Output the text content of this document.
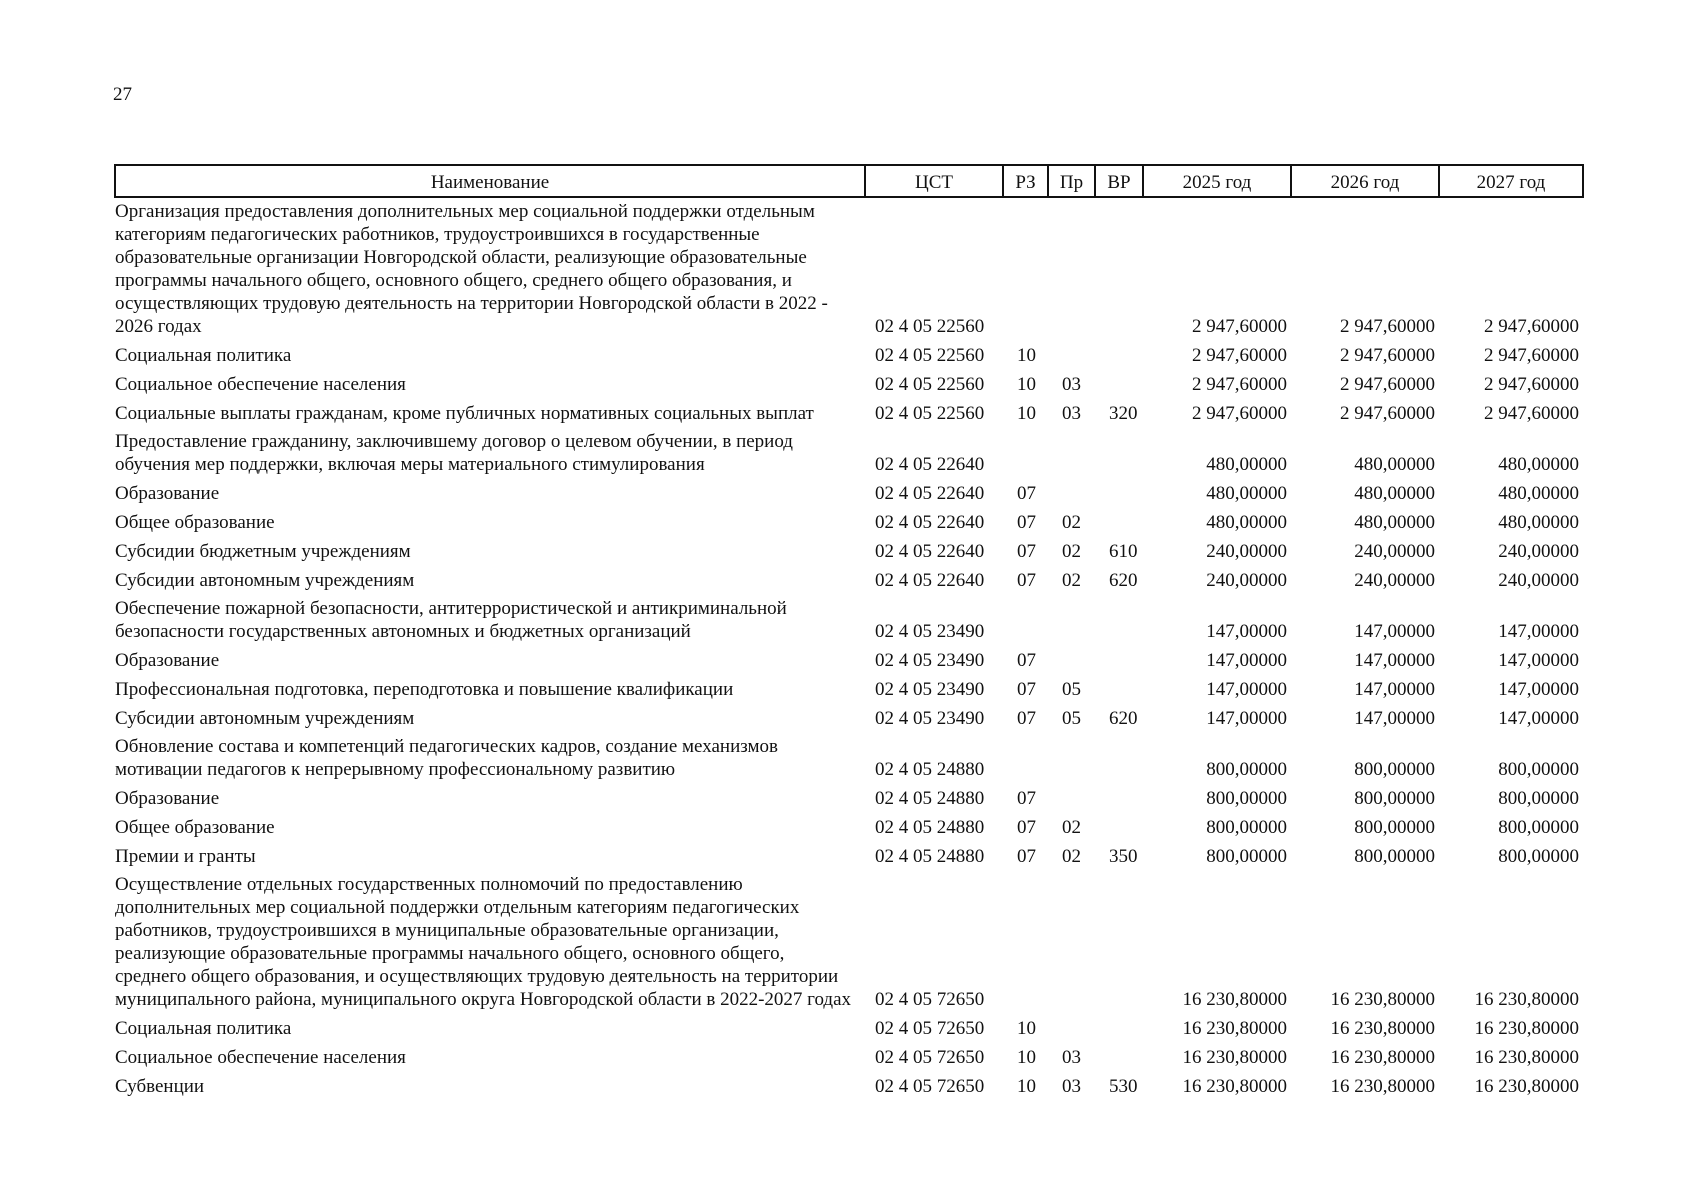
27
Наименование	ЦСТ	РЗ	Пр	ВР	2025 год	2026 год	2027 год
Организация предоставления дополнительных мер социальной поддержки отдельным категориям педагогических работников, трудоустроившихся в государственные образовательные организации Новгородской области, реализующие образовательные программы начального общего, основного общего, среднего общего образования, и осуществляющих трудовую деятельность на территории Новгородской области в 2022 - 2026 годах	02 4 05 22560				2 947,60000	2 947,60000	2 947,60000
Социальная политика	02 4 05 22560	10			2 947,60000	2 947,60000	2 947,60000
Социальное обеспечение населения	02 4 05 22560	10	03		2 947,60000	2 947,60000	2 947,60000
Социальные выплаты гражданам, кроме публичных нормативных социальных выплат	02 4 05 22560	10	03	320	2 947,60000	2 947,60000	2 947,60000
Предоставление гражданину, заключившему договор о целевом обучении, в период обучения мер поддержки, включая меры материального стимулирования	02 4 05 22640				480,00000	480,00000	480,00000
Образование	02 4 05 22640	07			480,00000	480,00000	480,00000
Общее образование	02 4 05 22640	07	02		480,00000	480,00000	480,00000
Субсидии бюджетным учреждениям	02 4 05 22640	07	02	610	240,00000	240,00000	240,00000
Субсидии автономным учреждениям	02 4 05 22640	07	02	620	240,00000	240,00000	240,00000
Обеспечение пожарной безопасности, антитеррористической и антикриминальной безопасности государственных автономных и бюджетных организаций	02 4 05 23490				147,00000	147,00000	147,00000
Образование	02 4 05 23490	07			147,00000	147,00000	147,00000
Профессиональная подготовка, переподготовка и повышение квалификации	02 4 05 23490	07	05		147,00000	147,00000	147,00000
Субсидии автономным учреждениям	02 4 05 23490	07	05	620	147,00000	147,00000	147,00000
Обновление состава и компетенций педагогических кадров, создание механизмов мотивации педагогов к непрерывному профессиональному развитию	02 4 05 24880				800,00000	800,00000	800,00000
Образование	02 4 05 24880	07			800,00000	800,00000	800,00000
Общее образование	02 4 05 24880	07	02		800,00000	800,00000	800,00000
Премии и гранты	02 4 05 24880	07	02	350	800,00000	800,00000	800,00000
Осуществление отдельных государственных полномочий по предоставлению дополнительных мер социальной поддержки отдельным категориям педагогических работников, трудоустроившихся в муниципальные образовательные организации, реализующие образовательные программы начального общего, основного общего, среднего общего образования, и осуществляющих трудовую деятельность на территории муниципального района, муниципального округа Новгородской области в 2022-2027 годах	02 4 05 72650				16 230,80000	16 230,80000	16 230,80000
Социальная политика	02 4 05 72650	10			16 230,80000	16 230,80000	16 230,80000
Социальное обеспечение населения	02 4 05 72650	10	03		16 230,80000	16 230,80000	16 230,80000
Субвенции	02 4 05 72650	10	03	530	16 230,80000	16 230,80000	16 230,80000
